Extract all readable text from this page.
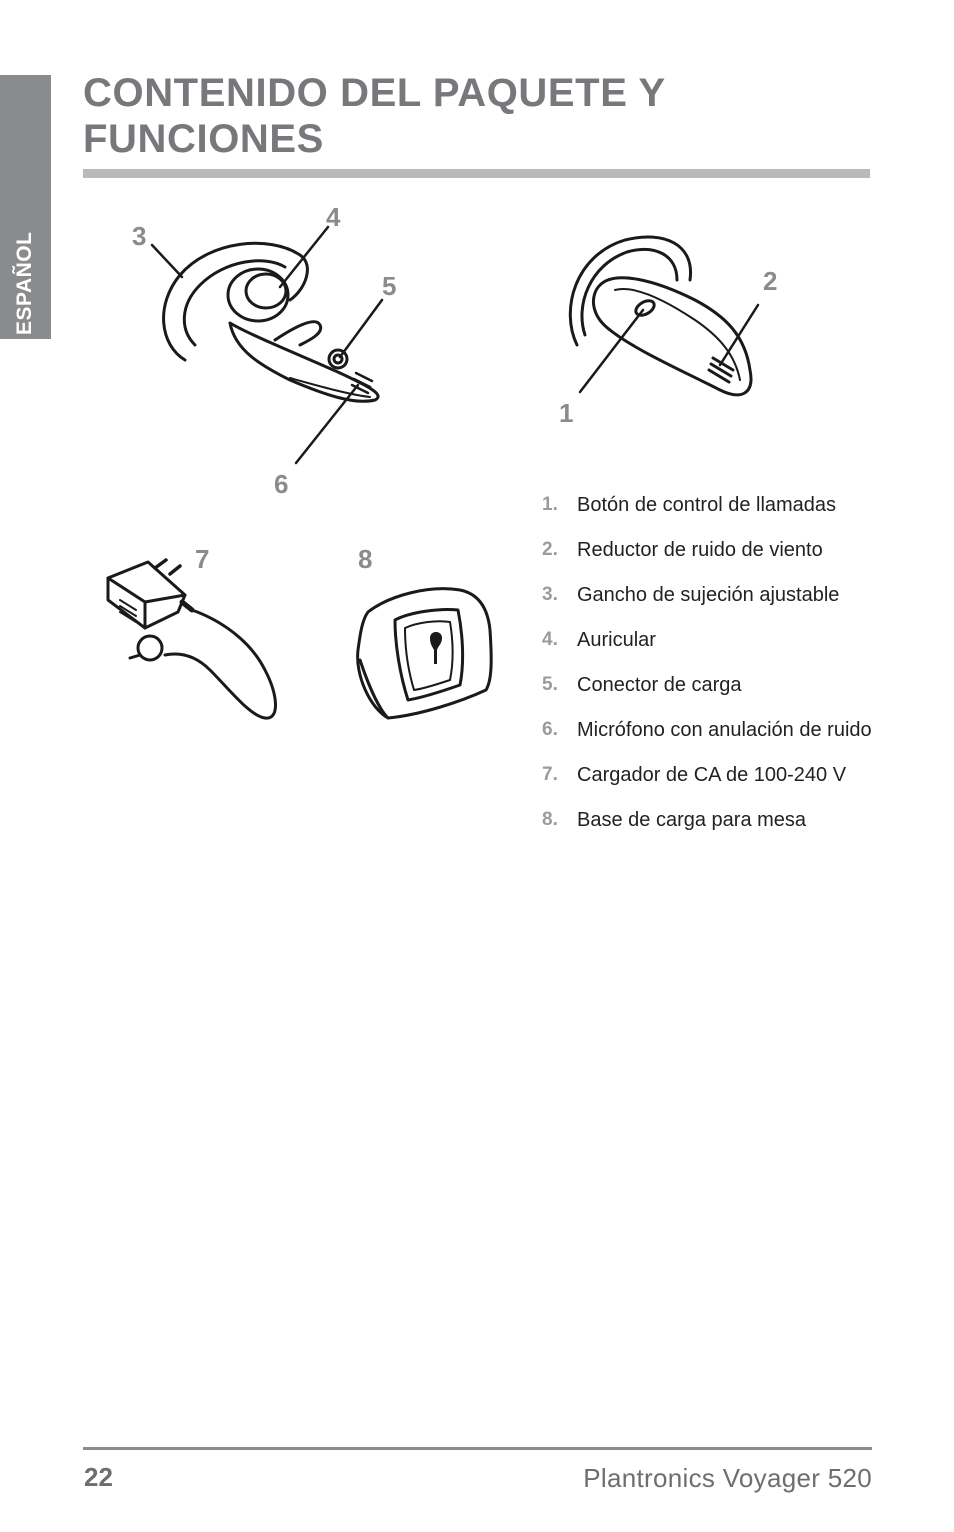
ESPAÑOL
CONTENIDO DEL PAQUETE Y FUNCIONES
3
4
5
6
2
1
7	8
1. Botón de control de llamadas
2. Reductor de ruido de viento
3. Gancho de sujeción ajustable
4. Auricular
5. Conector de carga
6. Micrófono con anulación de ruido
7. Cargador de CA de 100-240 V
8. Base de carga para mesa
22	Plantronics Voyager 520
